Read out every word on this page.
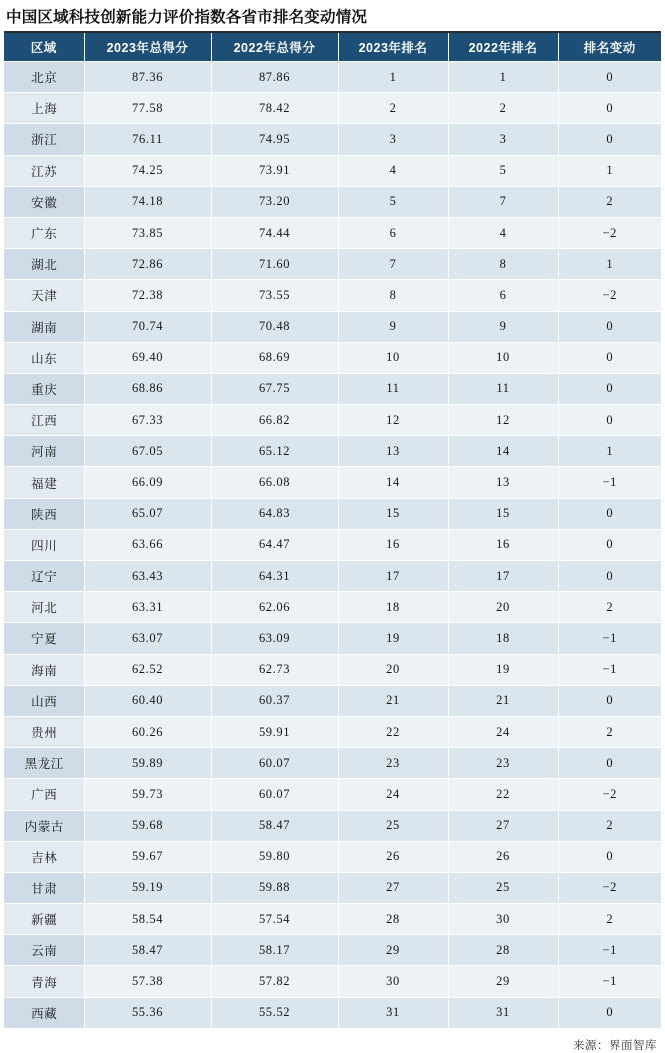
中国区域科技创新能力评价指数各省市排名变动情况
区域	2023年总得分	2022年总得分	2023年排名	2022年排名	排名变动
北京	87.36	87.86	1	1	0
上海	77.58	78.42	2	2	0
浙江	76.11	74.95	3	3	0
江苏	74.25	73.91	4	5	1
安徽	74.18	73.20	5	7	2
广东	73.85	74.44	6	4	−2
湖北	72.86	71.60	7	8	1
天津	72.38	73.55	8	6	−2
湖南	70.74	70.48	9	9	0
山东	69.40	68.69	10	10	0
重庆	68.86	67.75	11	11	0
江西	67.33	66.82	12	12	0
河南	67.05	65.12	13	14	1
福建	66.09	66.08	14	13	−1
陕西	65.07	64.83	15	15	0
四川	63.66	64.47	16	16	0
辽宁	63.43	64.31	17	17	0
河北	63.31	62.06	18	20	2
宁夏	63.07	63.09	19	18	−1
海南	62.52	62.73	20	19	−1
山西	60.40	60.37	21	21	0
贵州	60.26	59.91	22	24	2
黑龙江	59.89	60.07	23	23	0
广西	59.73	60.07	24	22	−2
内蒙古	59.68	58.47	25	27	2
吉林	59.67	59.80	26	26	0
甘肃	59.19	59.88	27	25	−2
新疆	58.54	57.54	28	30	2
云南	58.47	58.17	29	28	−1
青海	57.38	57.82	30	29	−1
西藏	55.36	55.52	31	31	0
来源：界面智库
